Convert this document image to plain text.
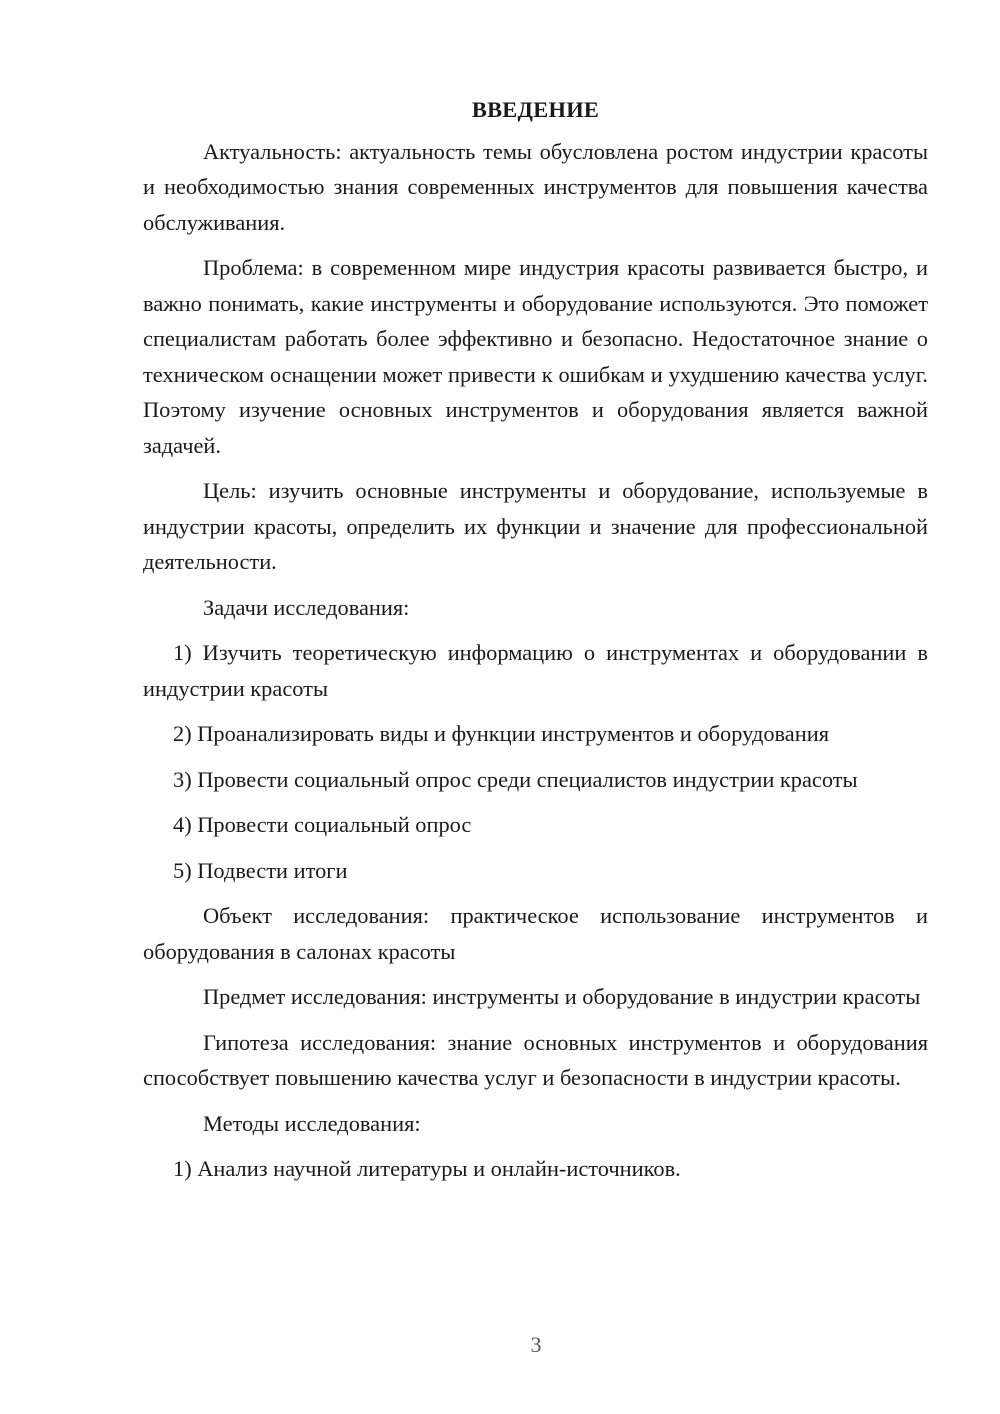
ВВЕДЕНИЕ

Актуальность: актуальность темы обусловлена ростом индустрии красоты и необходимостью знания современных инструментов для повышения качества обслуживания.

Проблема: в современном мире индустрия красоты развивается быстро, и важно понимать, какие инструменты и оборудование используются. Это поможет специалистам работать более эффективно и безопасно. Недостаточное знание о техническом оснащении может привести к ошибкам и ухудшению качества услуг. Поэтому изучение основных инструментов и оборудования является важной задачей.

Цель: изучить основные инструменты и оборудование, используемые в индустрии красоты, определить их функции и значение для профессиональной деятельности.

Задачи исследования:

1) Изучить теоретическую информацию о инструментах и оборудовании в индустрии красоты

2) Проанализировать виды и функции инструментов и оборудования

3) Провести социальный опрос среди специалистов индустрии красоты

4) Провести социальный опрос

5) Подвести итоги

Объект исследования: практическое использование инструментов и оборудования в салонах красоты

Предмет исследования: инструменты и оборудование в индустрии красоты

Гипотеза исследования: знание основных инструментов и оборудования способствует повышению качества услуг и безопасности в индустрии красоты.

Методы исследования:

1) Анализ научной литературы и онлайн-источников.

3
